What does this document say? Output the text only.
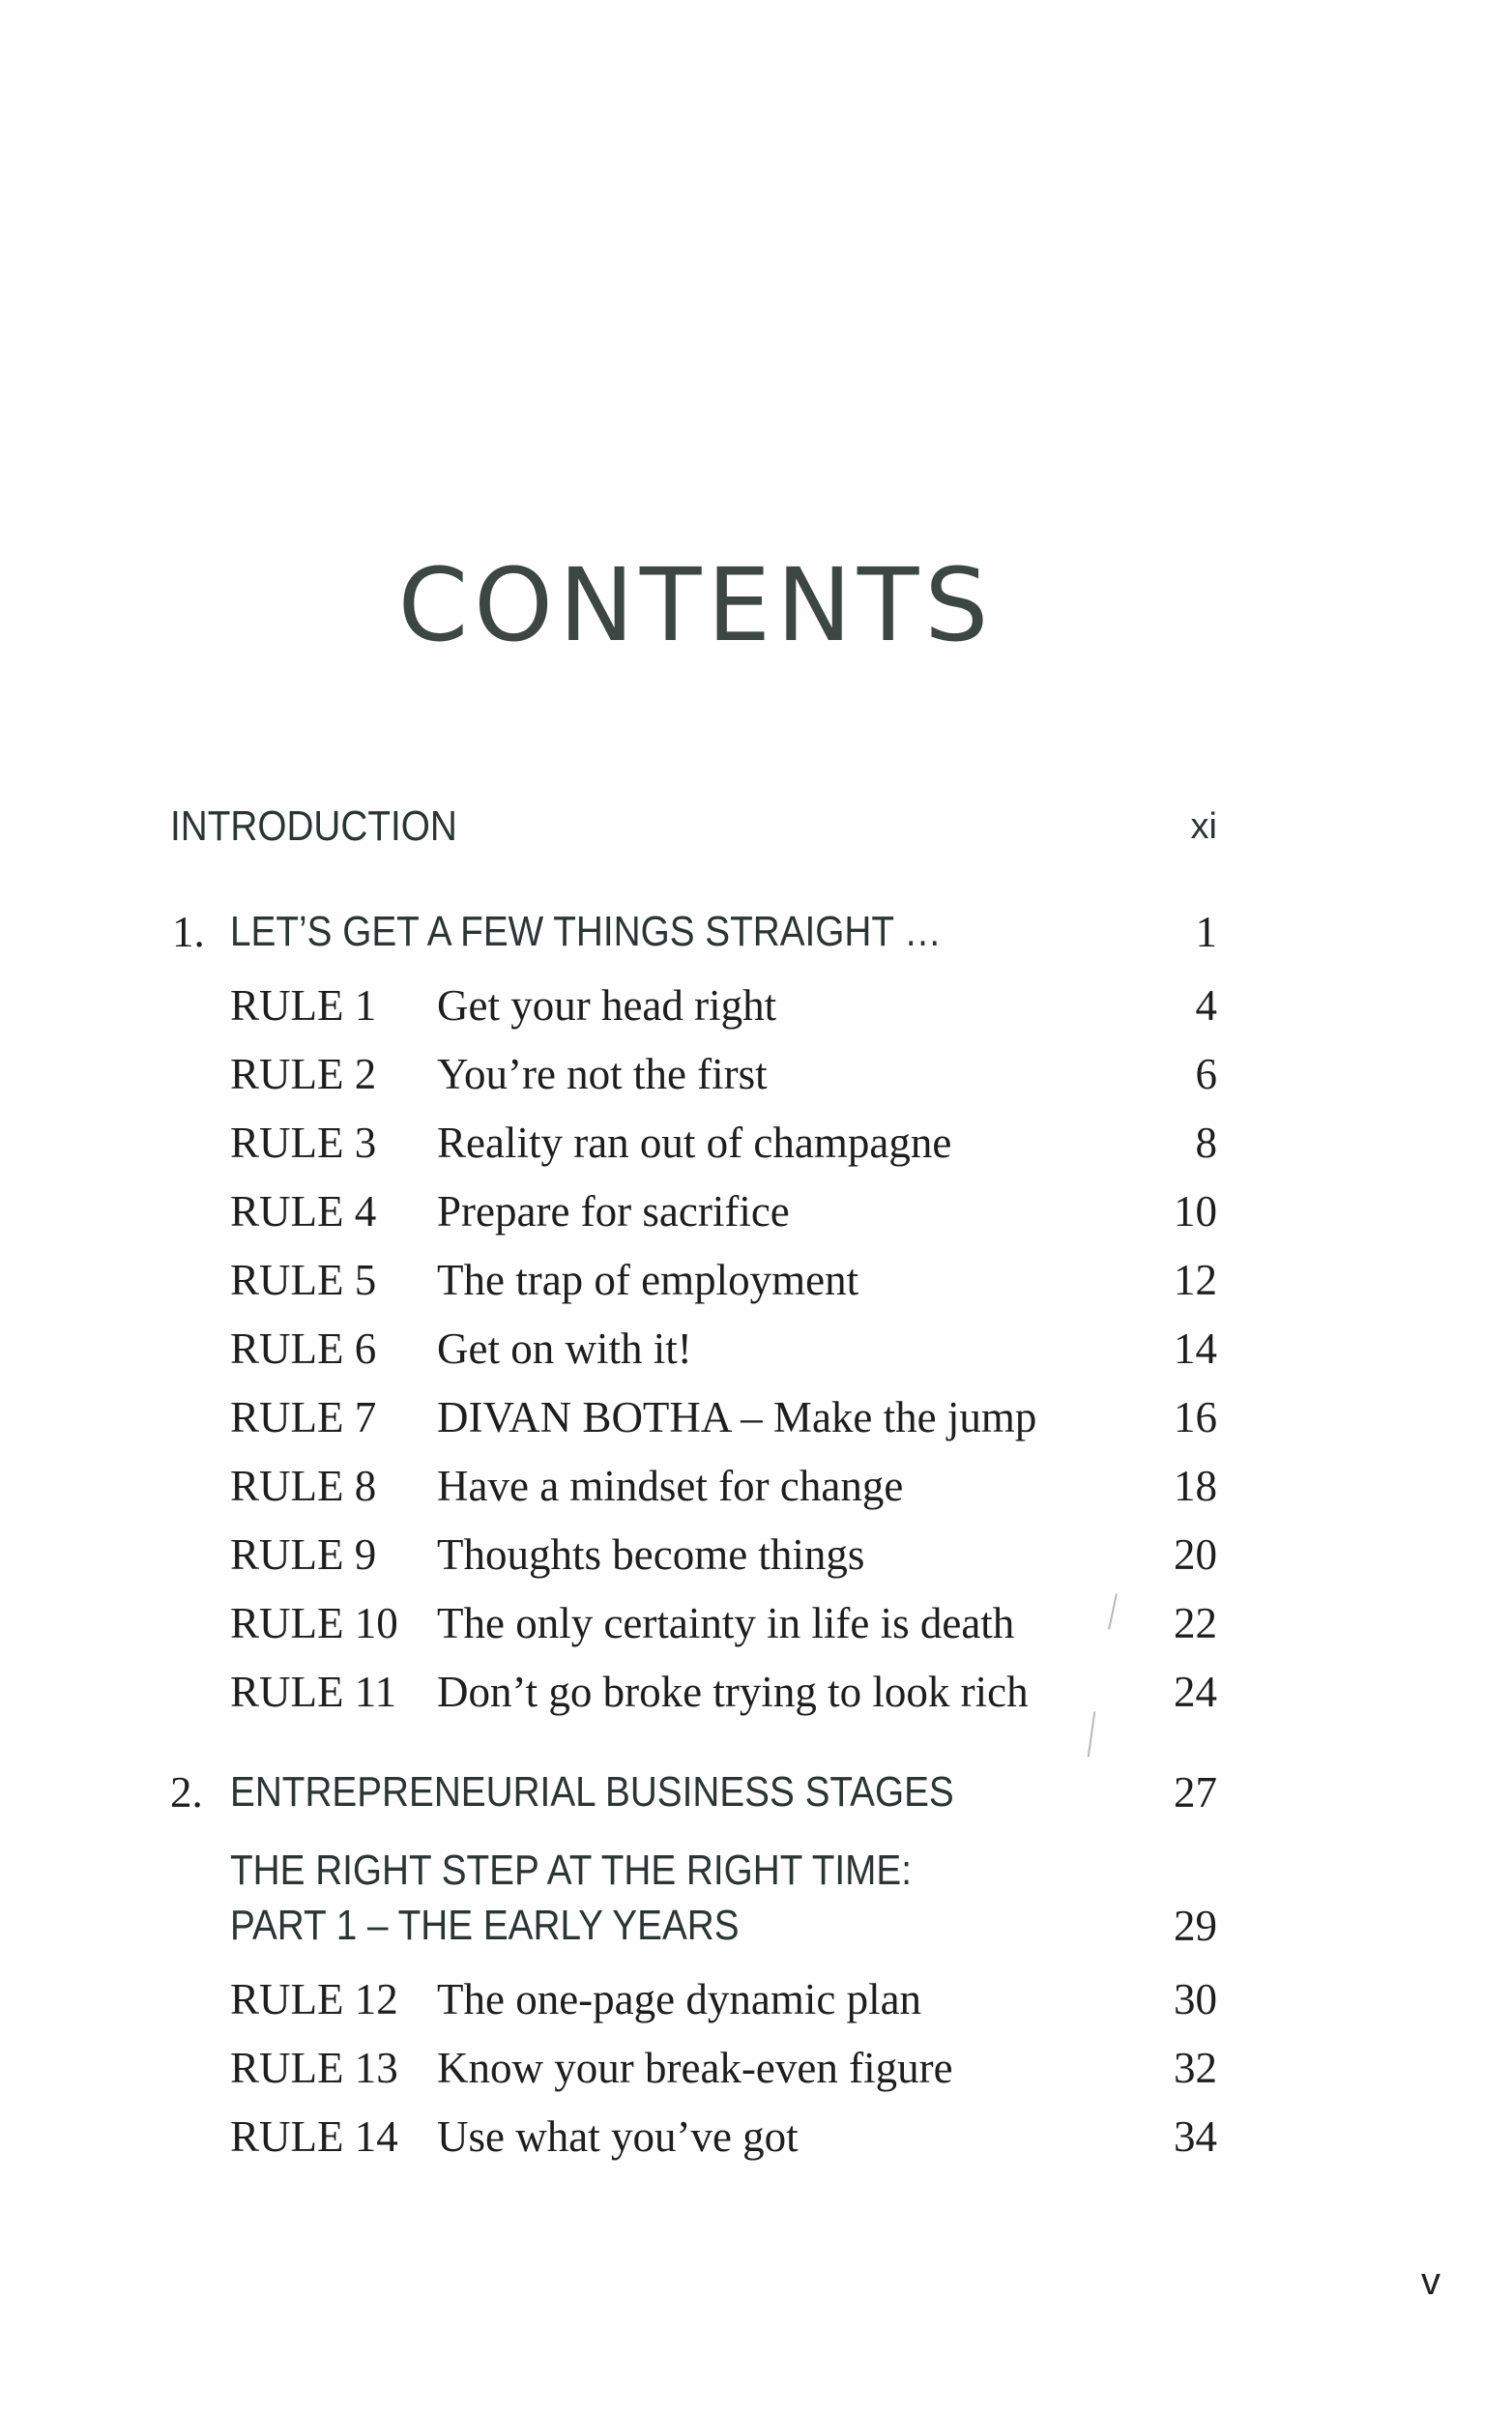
CONTENTS
INTRODUCTION	xi
1. LET’S GET A FEW THINGS STRAIGHT …	1
RULE 1 Get your head right	4
RULE 2 You’re not the first	6
RULE 3 Reality ran out of champagne	8
RULE 4 Prepare for sacrifice	10
RULE 5 The trap of employment	12
RULE 6 Get on with it!	14
RULE 7 DIVAN BOTHA – Make the jump	16
RULE 8 Have a mindset for change	18
RULE 9 Thoughts become things	20
RULE 10 The only certainty in life is death	22
RULE 11 Don’t go broke trying to look rich	24
2. ENTREPRENEURIAL BUSINESS STAGES	27
THE RIGHT STEP AT THE RIGHT TIME:
PART 1 – THE EARLY YEARS	29
RULE 12 The one-page dynamic plan	30
RULE 13 Know your break-even figure	32
RULE 14 Use what you’ve got	34
v
